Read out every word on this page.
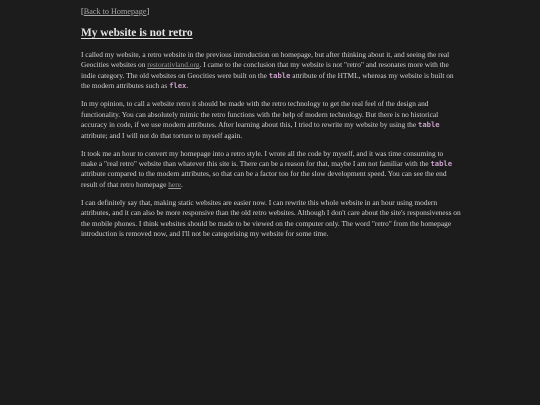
[Back to Homepage]
My website is not retro

I called my website, a retro website in the previous introduction on homepage, but after thinking about it, and seeing the real Geocities websites on restorativland.org. I came to the conclusion that my website is not "retro" and resonates more with the indie category. The old websites on Geocities were built on the table attribute of the HTML, whereas my website is built on the modern attributes such as flex.

In my opinion, to call a website retro it should be made with the retro technology to get the real feel of the design and functionality. You can absolutely mimic the retro functions with the help of modern technology. But there is no historical accuracy in code, if we use modern attributes. After learning about this, I tried to rewrite my website by using the table attribute; and I will not do that torture to myself again.

It took me an hour to convert my homepage into a retro style. I wrote all the code by myself, and it was time consuming to make a "real retro" website than whatever this site is. There can be a reason for that, maybe I am not familiar with the table attribute compared to the modern attributes, so that can be a factor too for the slow development speed. You can see the end result of that retro homepage here.

I can definitely say that, making static websites are easier now. I can rewrite this whole website in an hour using modern attributes, and it can also be more responsive than the old retro websites. Although I don't care about the site's responsiveness on the mobile phones. I think websites should be made to be viewed on the computer only. The word "retro" from the homepage introduction is removed now, and I'll not be categorising my website for some time.
